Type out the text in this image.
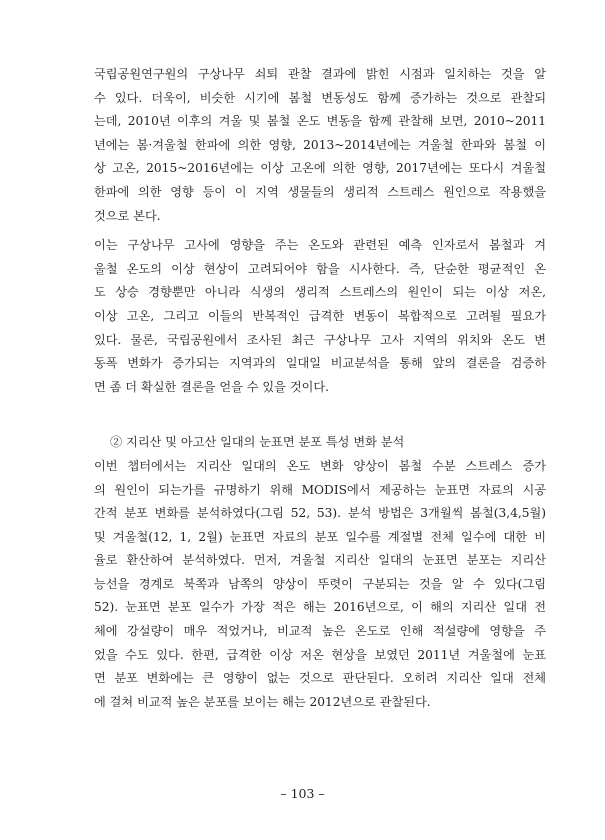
국립공원연구원의 구상나무 쇠퇴 관찰 결과에 밝힌 시점과 일치하는 것을 알
수 있다. 더욱이, 비슷한 시기에 봄철 변동성도 함께 증가하는 것으로 관찰되
는데, 2010년 이후의 겨울 및 봄철 온도 변동을 함께 관찰해 보면, 2010~2011
년에는 봄·겨울철 한파에 의한 영향, 2013~2014년에는 겨울철 한파와 봄철 이
상 고온, 2015~2016년에는 이상 고온에 의한 영향, 2017년에는 또다시 겨울철
한파에 의한 영향 등이 이 지역 생물들의 생리적 스트레스 원인으로 작용했을
것으로 본다.
이는 구상나무 고사에 영향을 주는 온도와 관련된 예측 인자로서 봄철과 겨
울철 온도의 이상 현상이 고려되어야 함을 시사한다. 즉, 단순한 평균적인 온
도 상승 경향뿐만 아니라 식생의 생리적 스트레스의 원인이 되는 이상 저온,
이상 고온, 그리고 이들의 반복적인 급격한 변동이 복합적으로 고려될 필요가
있다. 물론, 국립공원에서 조사된 최근 구상나무 고사 지역의 위치와 온도 변
동폭 변화가 증가되는 지역과의 일대일 비교분석을 통해 앞의 결론을 검증하
면 좀 더 확실한 결론을 얻을 수 있을 것이다.
② 지리산 및 아고산 일대의 눈표면 분포 특성 변화 분석
이번 챕터에서는 지리산 일대의 온도 변화 양상이 봄철 수분 스트레스 증가
의 원인이 되는가를 규명하기 위해 MODIS에서 제공하는 눈표면 자료의 시공
간적 분포 변화를 분석하였다(그림 52, 53). 분석 방법은 3개월씩 봄철(3,4,5월)
및 겨울철(12, 1, 2월) 눈표면 자료의 분포 일수를 계절별 전체 일수에 대한 비
율로 환산하여 분석하였다. 먼저, 겨울철 지리산 일대의 눈표면 분포는 지리산
능선을 경계로 북쪽과 남쪽의 양상이 뚜렷이 구분되는 것을 알 수 있다(그림
52). 눈표면 분포 일수가 가장 적은 해는 2016년으로, 이 해의 지리산 일대 전
체에 강설량이 매우 적었거나, 비교적 높은 온도로 인해 적설량에 영향을 주
었을 수도 있다. 한편, 급격한 이상 저온 현상을 보였던 2011년 겨울철에 눈표
면 분포 변화에는 큰 영향이 없는 것으로 판단된다. 오히려 지리산 일대 전체
에 걸쳐 비교적 높은 분포를 보이는 해는 2012년으로 관찰된다.
– 103 –
